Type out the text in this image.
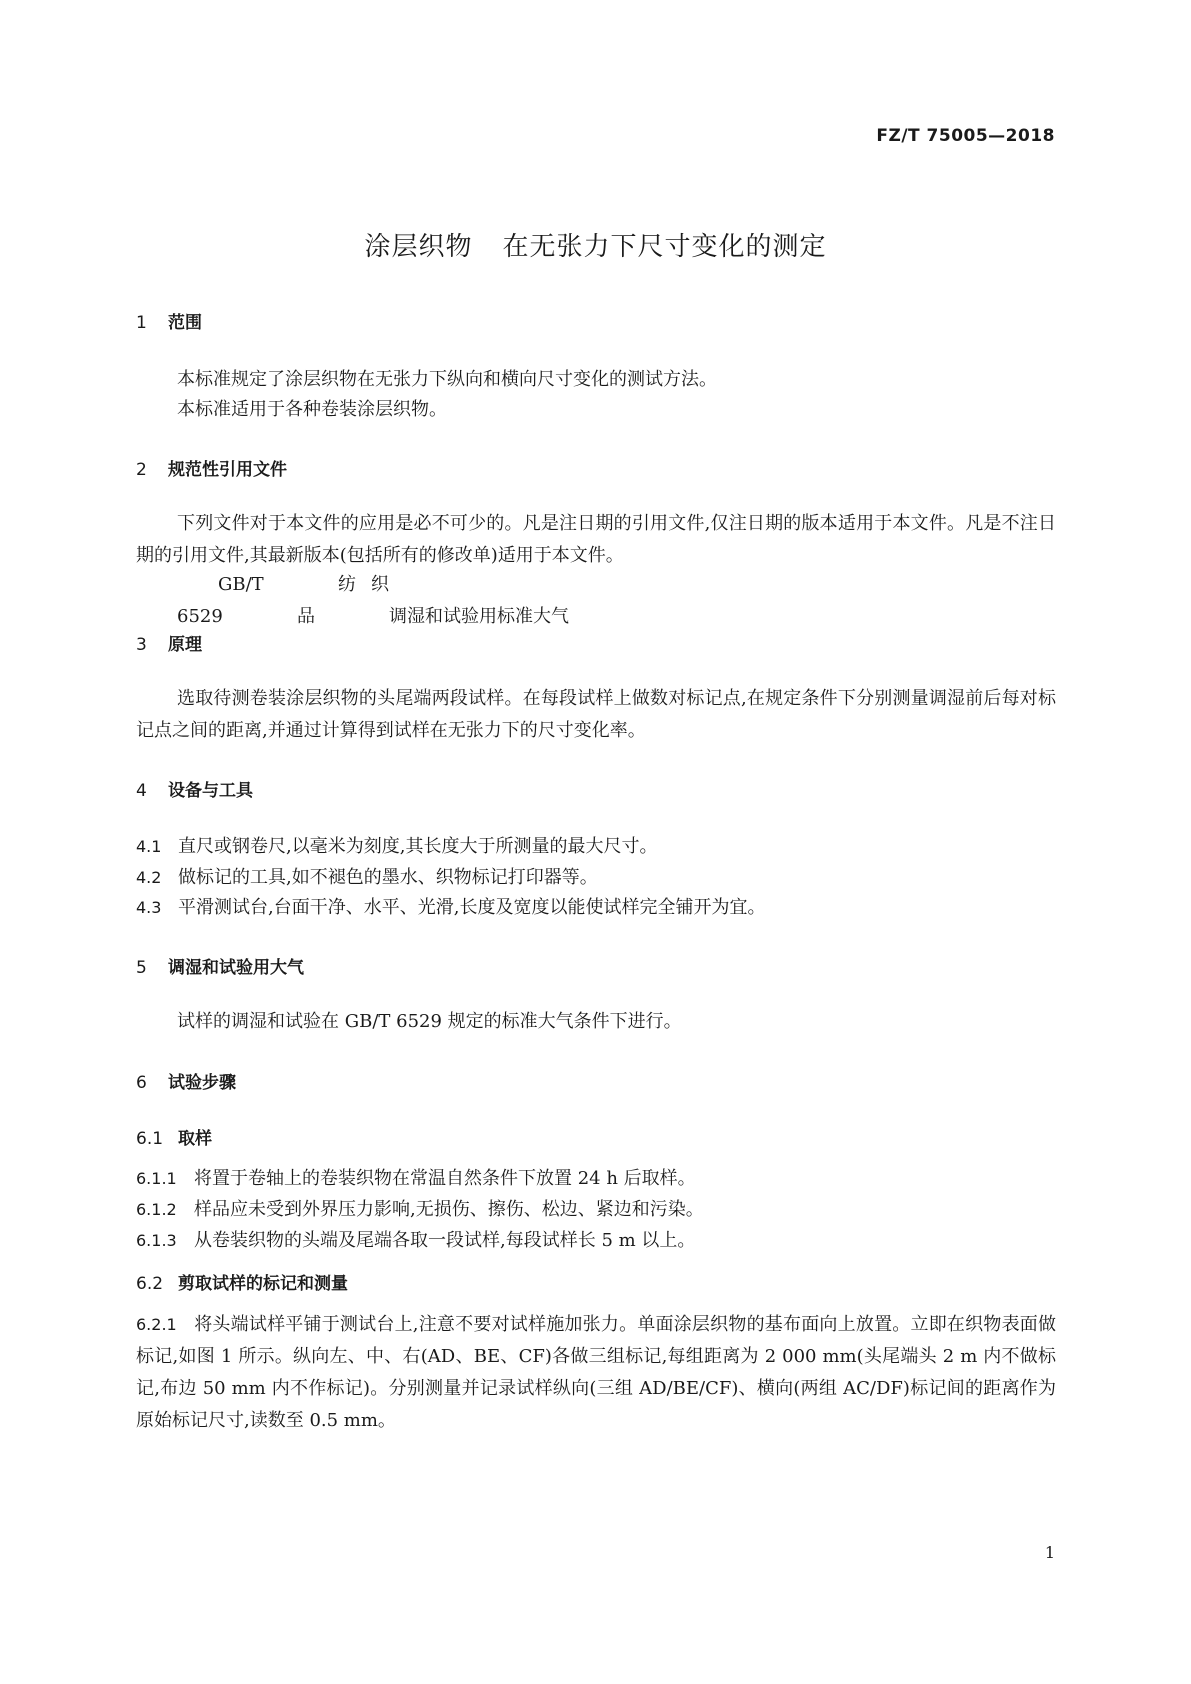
FZ/T 75005—2018
涂层织物 在无张力下尺寸变化的测定
1 范围
本标准规定了涂层织物在无张力下纵向和横向尺寸变化的测试方法。
本标准适用于各种卷装涂层织物。
2 规范性引用文件
下列文件对于本文件的应用是必不可少的。凡是注日期的引用文件,仅注日期的版本适用于本文件。凡是不注日期的引用文件,其最新版本(包括所有的修改单)适用于本文件。
GB/T 6529纺织品	调湿和试验用标准大气
3 原理
选取待测卷装涂层织物的头尾端两段试样。在每段试样上做数对标记点,在规定条件下分别测量调湿前后每对标记点之间的距离,并通过计算得到试样在无张力下的尺寸变化率。
4 设备与工具
4.1 直尺或钢卷尺,以毫米为刻度,其长度大于所测量的最大尺寸。
4.2 做标记的工具,如不褪色的墨水、织物标记打印器等。
4.3 平滑测试台,台面干净、水平、光滑,长度及宽度以能使试样完全铺开为宜。
5 调湿和试验用大气
试样的调湿和试验在 GB/T 6529 规定的标准大气条件下进行。
6 试验步骤
6.1 取样
6.1.1 将置于卷轴上的卷装织物在常温自然条件下放置 24 h 后取样。
6.1.2 样品应未受到外界压力影响,无损伤、擦伤、松边、紧边和污染。
6.1.3 从卷装织物的头端及尾端各取一段试样,每段试样长 5 m 以上。
6.2 剪取试样的标记和测量
6.2.1 将头端试样平铺于测试台上,注意不要对试样施加张力。单面涂层织物的基布面向上放置。立即在织物表面做标记,如图 1 所示。纵向左、中、右(AD、BE、CF)各做三组标记,每组距离为 2 000 mm(头尾端头 2 m 内不做标记,布边 50 mm 内不作标记)。分别测量并记录试样纵向(三组 AD/BE/CF)、横向(两组 AC/DF)标记间的距离作为原始标记尺寸,读数至 0.5 mm。
1
